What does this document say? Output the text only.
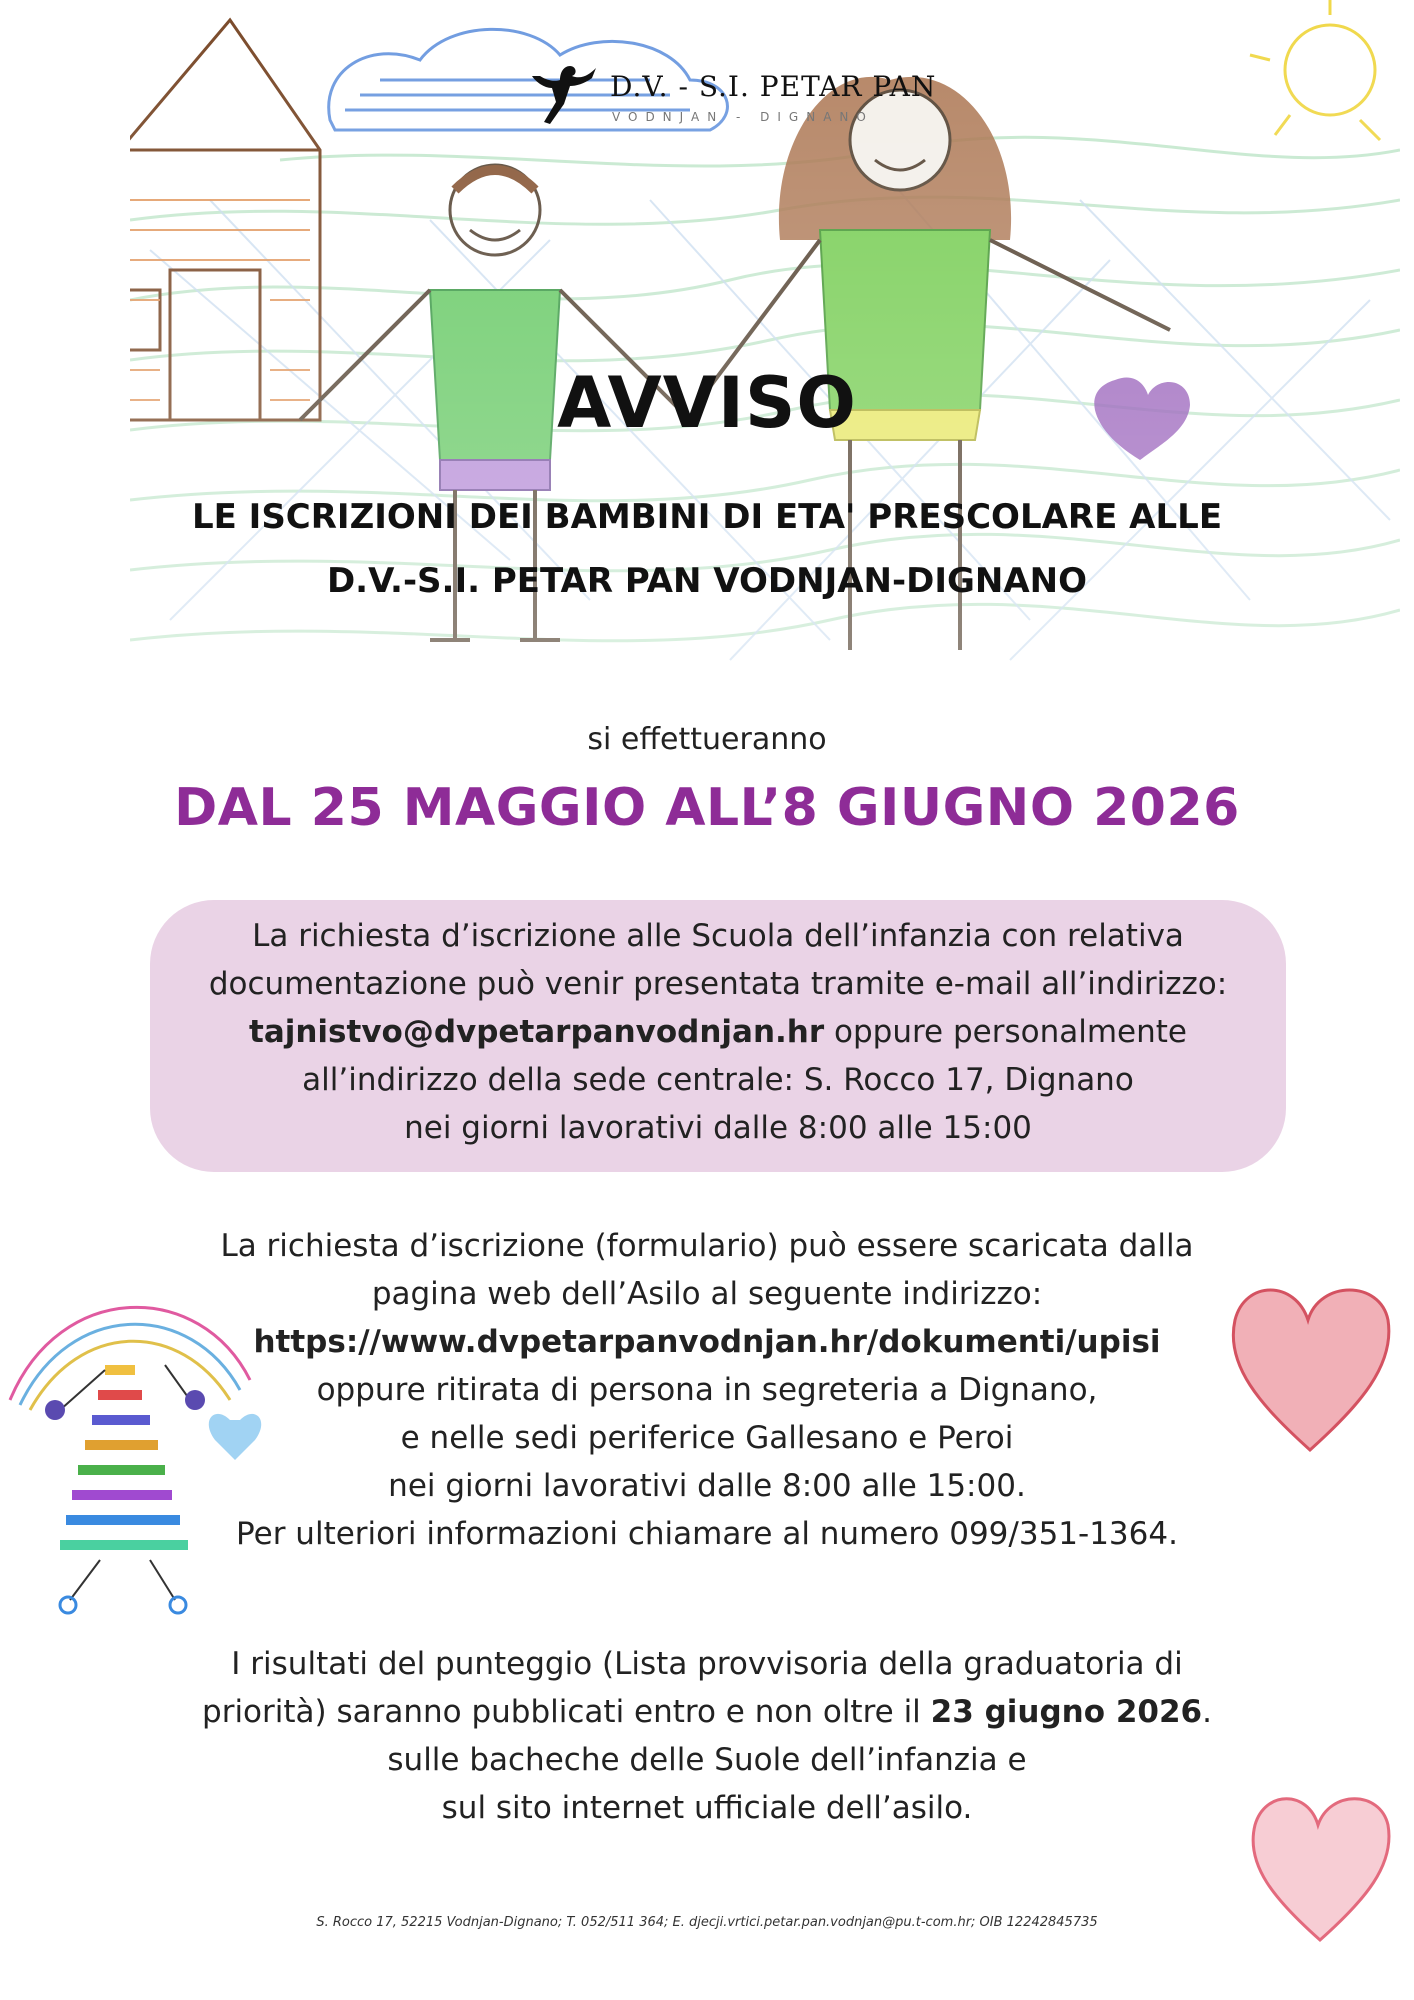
D.V. - S.I. PETAR PAN
VODNJAN - DIGNANO
AVVISO
LE ISCRIZIONI DEI BAMBINI DI ETA' PRESCOLARE ALLE
D.V.-S.I. PETAR PAN VODNJAN-DIGNANO
si effettueranno
DAL 25 MAGGIO ALL’8 GIUGNO 2026
La richiesta d’iscrizione alle Scuola dell’infanzia con relativa
documentazione può venir presentata tramite e-mail all’indirizzo:
tajnistvo@dvpetarpanvodnjan.hr oppure personalmente
all’indirizzo della sede centrale: S. Rocco 17, Dignano
nei giorni lavorativi dalle 8:00 alle 15:00
La richiesta d’iscrizione (formulario) può essere scaricata dalla
pagina web dell’Asilo al seguente indirizzo:
https://www.dvpetarpanvodnjan.hr/dokumenti/upisi
oppure ritirata di persona in segreteria a Dignano,
e nelle sedi periferice Gallesano e Peroi
nei giorni lavorativi dalle 8:00 alle 15:00.
Per ulteriori informazioni chiamare al numero 099/351-1364.
I risultati del punteggio (Lista provvisoria della graduatoria di
priorità) saranno pubblicati entro e non oltre il 23 giugno 2026.
sulle bacheche delle Suole dell’infanzia e
sul sito internet ufficiale dell’asilo.
S. Rocco 17, 52215 Vodnjan-Dignano; T. 052/511 364; E. djecji.vrtici.petar.pan.vodnjan@pu.t-com.hr; OIB 12242845735
